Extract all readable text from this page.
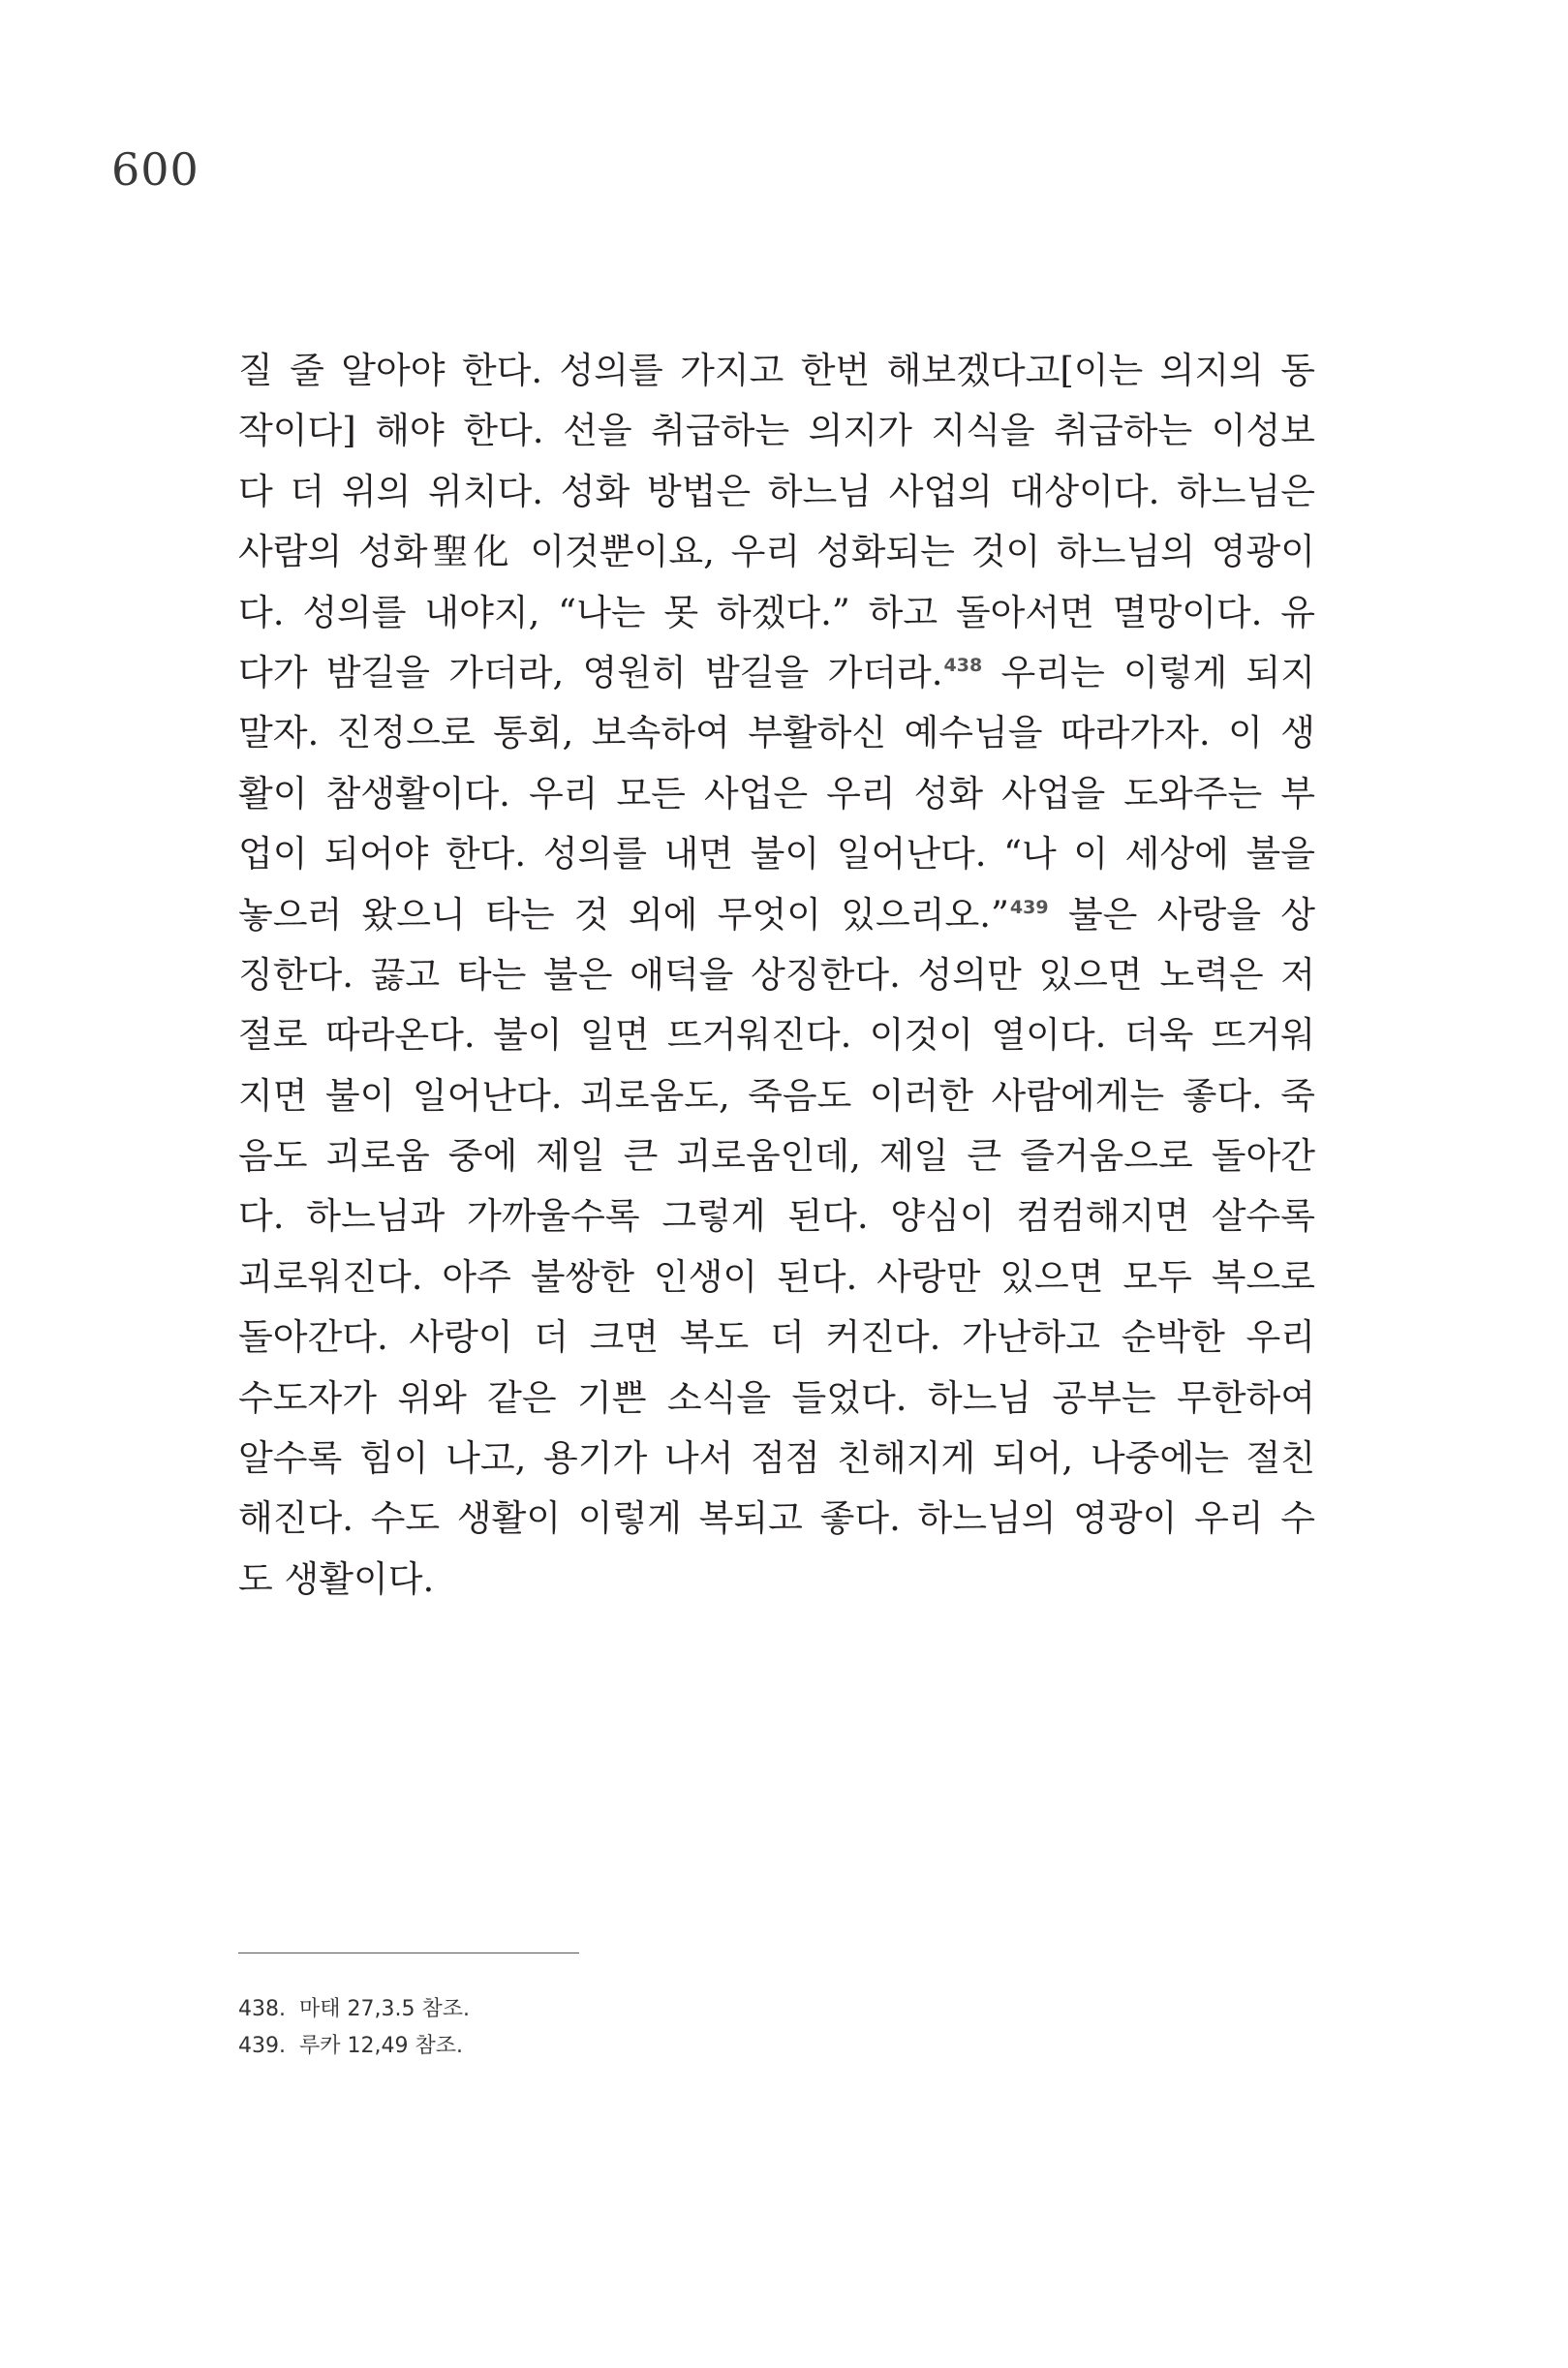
600
질 줄 알아야 한다. 성의를 가지고 한번 해보겠다고[이는 의지의 동
작이다] 해야 한다. 선을 취급하는 의지가 지식을 취급하는 이성보
다 더 위의 위치다. 성화 방법은 하느님 사업의 대상이다. 하느님은
사람의 성화聖化 이것뿐이요, 우리 성화되는 것이 하느님의 영광이
다. 성의를 내야지, “나는 못 하겠다.” 하고 돌아서면 멸망이다. 유
다가 밤길을 가더라, 영원히 밤길을 가더라.$^{438}$ 우리는 이렇게 되지
말자. 진정으로 통회, 보속하여 부활하신 예수님을 따라가자. 이 생
활이 참생활이다. 우리 모든 사업은 우리 성화 사업을 도와주는 부
업이 되어야 한다. 성의를 내면 불이 일어난다. “나 이 세상에 불을
놓으러 왔으니 타는 것 외에 무엇이 있으리오.”$^{439}$ 불은 사랑을 상
징한다. 끓고 타는 불은 애덕을 상징한다. 성의만 있으면 노력은 저
절로 따라온다. 불이 일면 뜨거워진다. 이것이 열이다. 더욱 뜨거워
지면 불이 일어난다. 괴로움도, 죽음도 이러한 사람에게는 좋다. 죽
음도 괴로움 중에 제일 큰 괴로움인데, 제일 큰 즐거움으로 돌아간
다. 하느님과 가까울수록 그렇게 된다. 양심이 컴컴해지면 살수록
괴로워진다. 아주 불쌍한 인생이 된다. 사랑만 있으면 모두 복으로
돌아간다. 사랑이 더 크면 복도 더 커진다. 가난하고 순박한 우리
수도자가 위와 같은 기쁜 소식을 들었다. 하느님 공부는 무한하여
알수록 힘이 나고, 용기가 나서 점점 친해지게 되어, 나중에는 절친
해진다. 수도 생활이 이렇게 복되고 좋다. 하느님의 영광이 우리 수
도 생활이다.
438. 마태 27,3.5 참조.
439. 루카 12,49 참조.
